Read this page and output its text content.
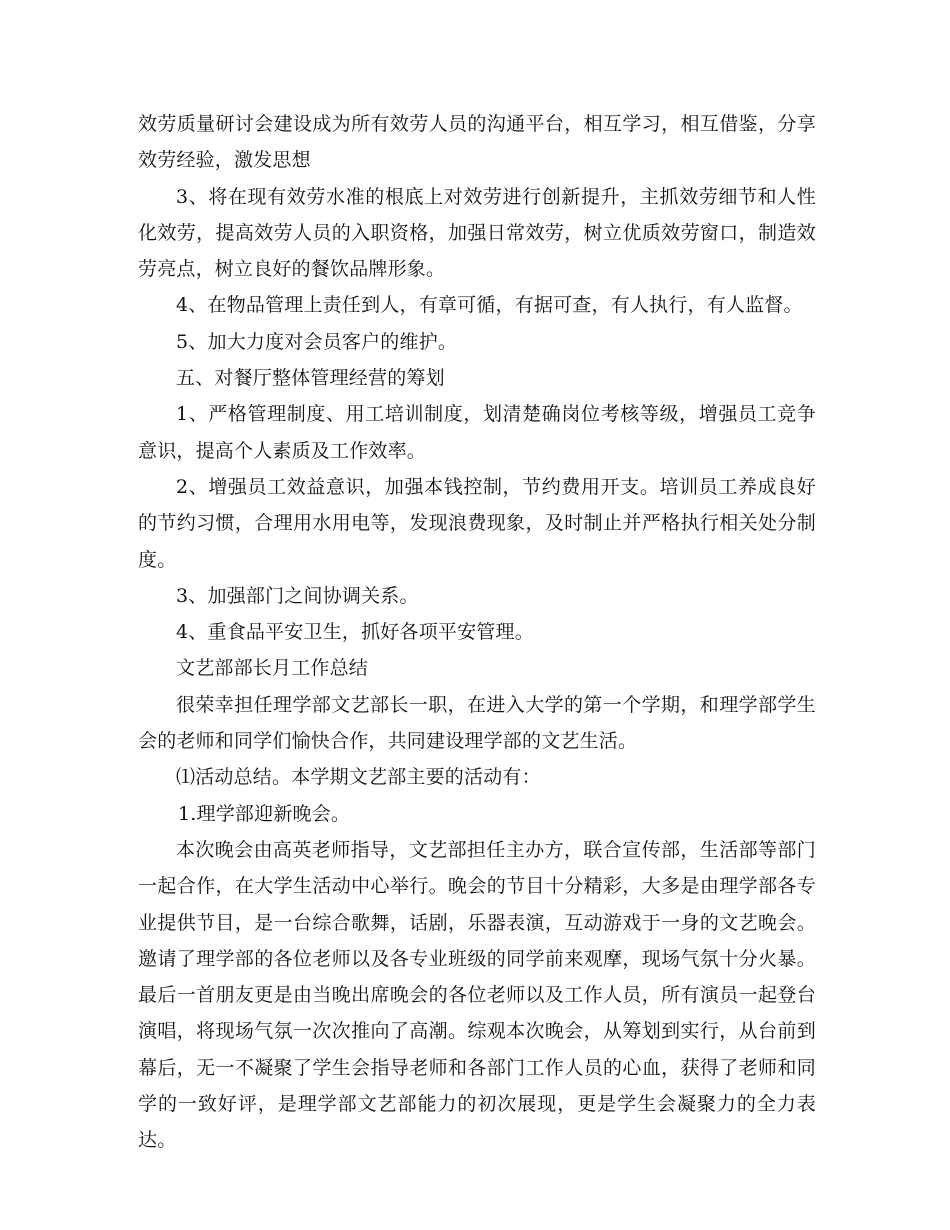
效劳质量研讨会建设成为所有效劳人员的沟通平台，相互学习，相互借鉴，分享效劳经验，激发思想

3、将在现有效劳水准的根底上对效劳进行创新提升，主抓效劳细节和人性化效劳，提高效劳人员的入职资格，加强日常效劳，树立优质效劳窗口，制造效劳亮点，树立良好的餐饮品牌形象。

4、在物品管理上责任到人，有章可循，有据可查，有人执行，有人监督。

5、加大力度对会员客户的维护。

五、对餐厅整体管理经营的筹划

1、严格管理制度、用工培训制度，划清楚确岗位考核等级，增强员工竞争意识，提高个人素质及工作效率。

2、增强员工效益意识，加强本钱控制，节约费用开支。培训员工养成良好的节约习惯，合理用水用电等，发现浪费现象，及时制止并严格执行相关处分制度。

3、加强部门之间协调关系。

4、重食品平安卫生，抓好各项平安管理。

文艺部部长月工作总结

很荣幸担任理学部文艺部长一职，在进入大学的第一个学期，和理学部学生会的老师和同学们愉快合作，共同建设理学部的文艺生活。

⑴活动总结。本学期文艺部主要的活动有：

1.理学部迎新晚会。

本次晚会由高英老师指导，文艺部担任主办方，联合宣传部，生活部等部门一起合作，在大学生活动中心举行。晚会的节目十分精彩，大多是由理学部各专业提供节目，是一台综合歌舞，话剧，乐器表演，互动游戏于一身的文艺晚会。邀请了理学部的各位老师以及各专业班级的同学前来观摩，现场气氛十分火暴。最后一首朋友更是由当晚出席晚会的各位老师以及工作人员，所有演员一起登台演唱，将现场气氛一次次推向了高潮。综观本次晚会，从筹划到实行，从台前到幕后，无一不凝聚了学生会指导老师和各部门工作人员的心血，获得了老师和同学的一致好评，是理学部文艺部能力的初次展现，更是学生会凝聚力的全力表达。
